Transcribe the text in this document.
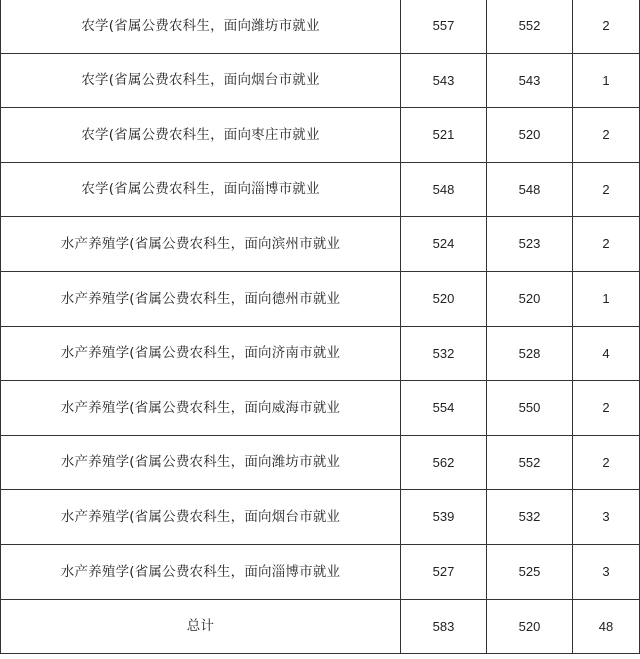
农学(省属公费农科生，面向潍坊市就业	557	552	2
农学(省属公费农科生，面向烟台市就业	543	543	1
农学(省属公费农科生，面向枣庄市就业	521	520	2
农学(省属公费农科生，面向淄博市就业	548	548	2
水产养殖学(省属公费农科生，面向滨州市就业	524	523	2
水产养殖学(省属公费农科生，面向德州市就业	520	520	1
水产养殖学(省属公费农科生，面向济南市就业	532	528	4
水产养殖学(省属公费农科生，面向威海市就业	554	550	2
水产养殖学(省属公费农科生，面向潍坊市就业	562	552	2
水产养殖学(省属公费农科生，面向烟台市就业	539	532	3
水产养殖学(省属公费农科生，面向淄博市就业	527	525	3
总计	583	520	48
